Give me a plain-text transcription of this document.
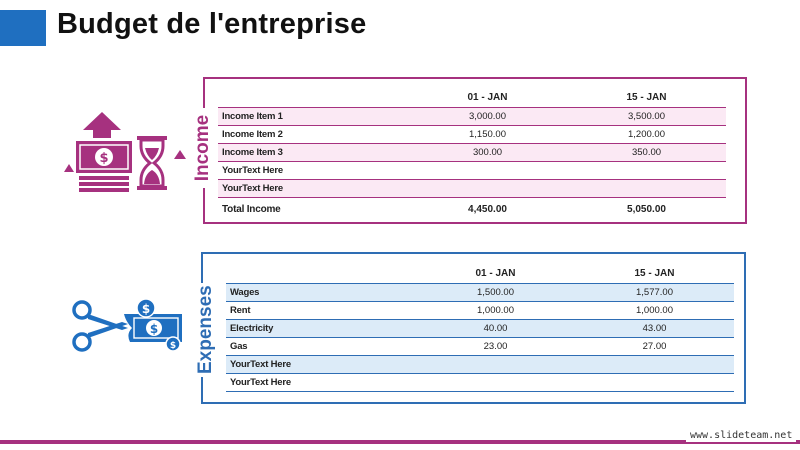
Budget de l'entreprise
$	Income
01 - JAN	15 - JAN
Income Item 1	3,000.00	3,500.00
Income Item 2	1,150.00	1,200.00
Income Item 3	300.00	350.00
YourText Here
YourText Here
Total Income	4,450.00	5,050.00
$
$
$ Expenses
01 - JAN	15 - JAN
Wages	1,500.00	1,577.00
Rent	1,000.00	1,000.00
Electricity	40.00	43.00
Gas	23.00	27.00
YourText Here
YourText Here
www.slideteam.net
